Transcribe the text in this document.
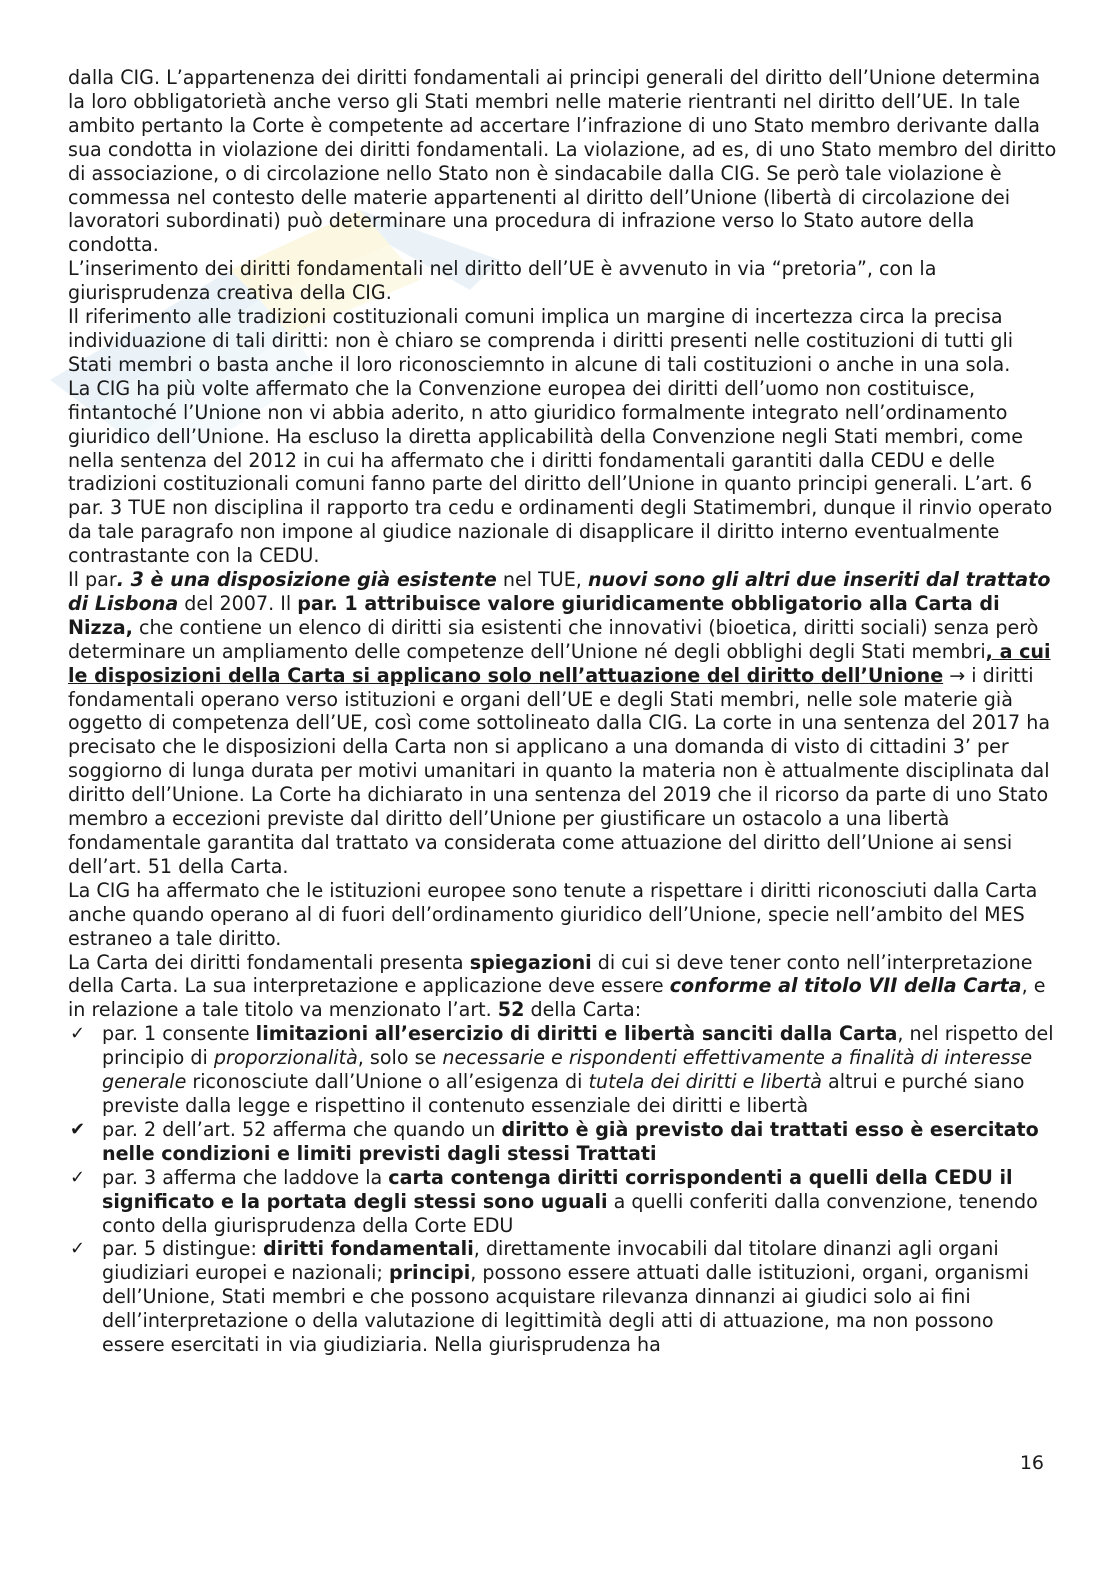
dalla CIG. L’appartenenza dei diritti fondamentali ai principi generali del diritto dell’Unione determina la loro obbligatorietà anche verso gli Stati membri nelle materie rientranti nel diritto dell’UE. In tale ambito pertanto la Corte è competente ad accertare l’infrazione di uno Stato membro derivante dalla sua condotta in violazione dei diritti fondamentali. La violazione, ad es, di uno Stato membro del diritto di associazione, o di circolazione nello Stato non è sindacabile dalla CIG. Se però tale violazione è commessa nel contesto delle materie appartenenti al diritto dell’Unione (libertà di circolazione dei lavoratori subordinati) può determinare una procedura di infrazione verso lo Stato autore della condotta.

L’inserimento dei diritti fondamentali nel diritto dell’UE è avvenuto in via “pretoria”, con la giurisprudenza creativa della CIG.

Il riferimento alle tradizioni costituzionali comuni implica un margine di incertezza circa la precisa individuazione di tali diritti: non è chiaro se comprenda i diritti presenti nelle costituzioni di tutti gli Stati membri o basta anche il loro riconosciemnto in alcune di tali costituzioni o anche in una sola.

La CIG ha più volte affermato che la Convenzione europea dei diritti dell’uomo non costituisce, fintantoché l’Unione non vi abbia aderito, n atto giuridico formalmente integrato nell’ordinamento giuridico dell’Unione. Ha escluso la diretta applicabilità della Convenzione negli Stati membri, come nella sentenza del 2012 in cui ha affermato che i diritti fondamentali garantiti dalla CEDU e delle tradizioni costituzionali comuni fanno parte del diritto dell’Unione in quanto principi generali. L’art. 6 par. 3 TUE non disciplina il rapporto tra cedu e ordinamenti degli Statimembri, dunque il rinvio operato da tale paragrafo non impone al giudice nazionale di disapplicare il diritto interno eventualmente contrastante con la CEDU.

Il par. 3 è una disposizione già esistente nel TUE, nuovi sono gli altri due inseriti dal trattato di Lisbona del 2007. Il par. 1 attribuisce valore giuridicamente obbligatorio alla Carta di Nizza, che contiene un elenco di diritti sia esistenti che innovativi (bioetica, diritti sociali) senza però determinare un ampliamento delle competenze dell’Unione né degli obblighi degli Stati membri, a cui le disposizioni della Carta si applicano solo nell’attuazione del diritto dell’Unione → i diritti fondamentali operano verso istituzioni e organi dell’UE e degli Stati membri, nelle sole materie già oggetto di competenza dell’UE, così come sottolineato dalla CIG. La corte in una sentenza del 2017 ha precisato che le disposizioni della Carta non si applicano a una domanda di visto di cittadini 3’ per soggiorno di lunga durata per motivi umanitari in quanto la materia non è attualmente disciplinata dal diritto dell’Unione. La Corte ha dichiarato in una sentenza del 2019 che il ricorso da parte di uno Stato membro a eccezioni previste dal diritto dell’Unione per giustificare un ostacolo a una libertà fondamentale garantita dal trattato va considerata come attuazione del diritto dell’Unione ai sensi dell’art. 51 della Carta.

La CIG ha affermato che le istituzioni europee sono tenute a rispettare i diritti riconosciuti dalla Carta anche quando operano al di fuori dell’ordinamento giuridico dell’Unione, specie nell’ambito del MES estraneo a tale diritto.

La Carta dei diritti fondamentali presenta spiegazioni di cui si deve tener conto nell’interpretazione della Carta. La sua interpretazione e applicazione deve essere conforme al titolo VII della Carta, e in relazione a tale titolo va menzionato l’art. 52 della Carta:

✓ par. 1 consente limitazioni all’esercizio di diritti e libertà sanciti dalla Carta, nel rispetto del principio di proporzionalità, solo se necessarie e rispondenti effettivamente a finalità di interesse generale riconosciute dall’Unione o all’esigenza di tutela dei diritti e libertà altrui e purché siano previste dalla legge e rispettino il contenuto essenziale dei diritti e libertà
✔ par. 2 dell’art. 52 afferma che quando un diritto è già previsto dai trattati esso è esercitato nelle condizioni e limiti previsti dagli stessi Trattati
✓ par. 3 afferma che laddove la carta contenga diritti corrispondenti a quelli della CEDU il significato e la portata degli stessi sono uguali a quelli conferiti dalla convenzione, tenendo conto della giurisprudenza della Corte EDU
✓ par. 5 distingue: diritti fondamentali, direttamente invocabili dal titolare dinanzi agli organi giudiziari europei e nazionali; principi, possono essere attuati dalle istituzioni, organi, organismi dell’Unione, Stati membri e che possono acquistare rilevanza dinnanzi ai giudici solo ai fini dell’interpretazione o della valutazione di legittimità degli atti di attuazione, ma non possono essere esercitati in via giudiziaria. Nella giurisprudenza ha
16
